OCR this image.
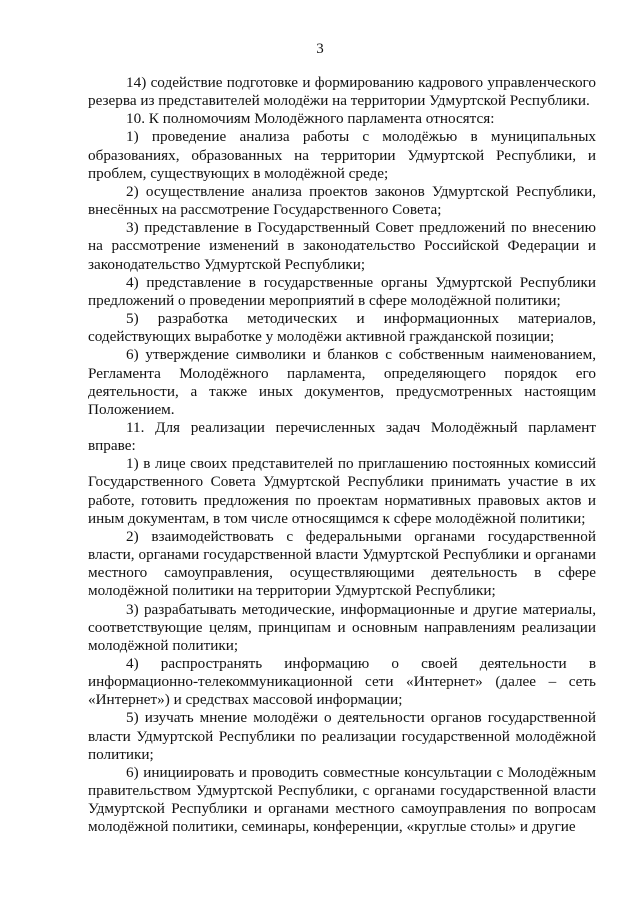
3

14) содействие подготовке и формированию кадрового управленческого резерва из представителей молодёжи на территории Удмуртской Республики.

10. К полномочиям Молодёжного парламента относятся:

1) проведение анализа работы с молодёжью в муниципальных образованиях, образованных на территории Удмуртской Республики, и проблем, существующих в молодёжной среде;

2) осуществление анализа проектов законов Удмуртской Республики, внесённых на рассмотрение Государственного Совета;

3) представление в Государственный Совет предложений по внесению на рассмотрение изменений в законодательство Российской Федерации и законодательство Удмуртской Республики;

4) представление в государственные органы Удмуртской Республики предложений о проведении мероприятий в сфере молодёжной политики;

5) разработка методических и информационных материалов, содействующих выработке у молодёжи активной гражданской позиции;

6) утверждение символики и бланков с собственным наименованием, Регламента Молодёжного парламента, определяющего порядок его деятельности, а также иных документов, предусмотренных настоящим Положением.

11. Для реализации перечисленных задач Молодёжный парламент вправе:

1) в лице своих представителей по приглашению постоянных комиссий Государственного Совета Удмуртской Республики принимать участие в их работе, готовить предложения по проектам нормативных правовых актов и иным документам, в том числе относящимся к сфере молодёжной политики;

2) взаимодействовать с федеральными органами государственной власти, органами государственной власти Удмуртской Республики и органами местного самоуправления, осуществляющими деятельность в сфере молодёжной политики на территории Удмуртской Республики;

3) разрабатывать методические, информационные и другие материалы, соответствующие целям, принципам и основным направлениям реализации молодёжной политики;

4) распространять информацию о своей деятельности в информационно-телекоммуникационной сети «Интернет» (далее – сеть «Интернет») и средствах массовой информации;

5) изучать мнение молодёжи о деятельности органов государственной власти Удмуртской Республики по реализации государственной молодёжной политики;

6) инициировать и проводить совместные консультации с Молодёжным правительством Удмуртской Республики, с органами государственной власти Удмуртской Республики и органами местного самоуправления по вопросам молодёжной политики, семинары, конференции, «круглые столы» и другие
